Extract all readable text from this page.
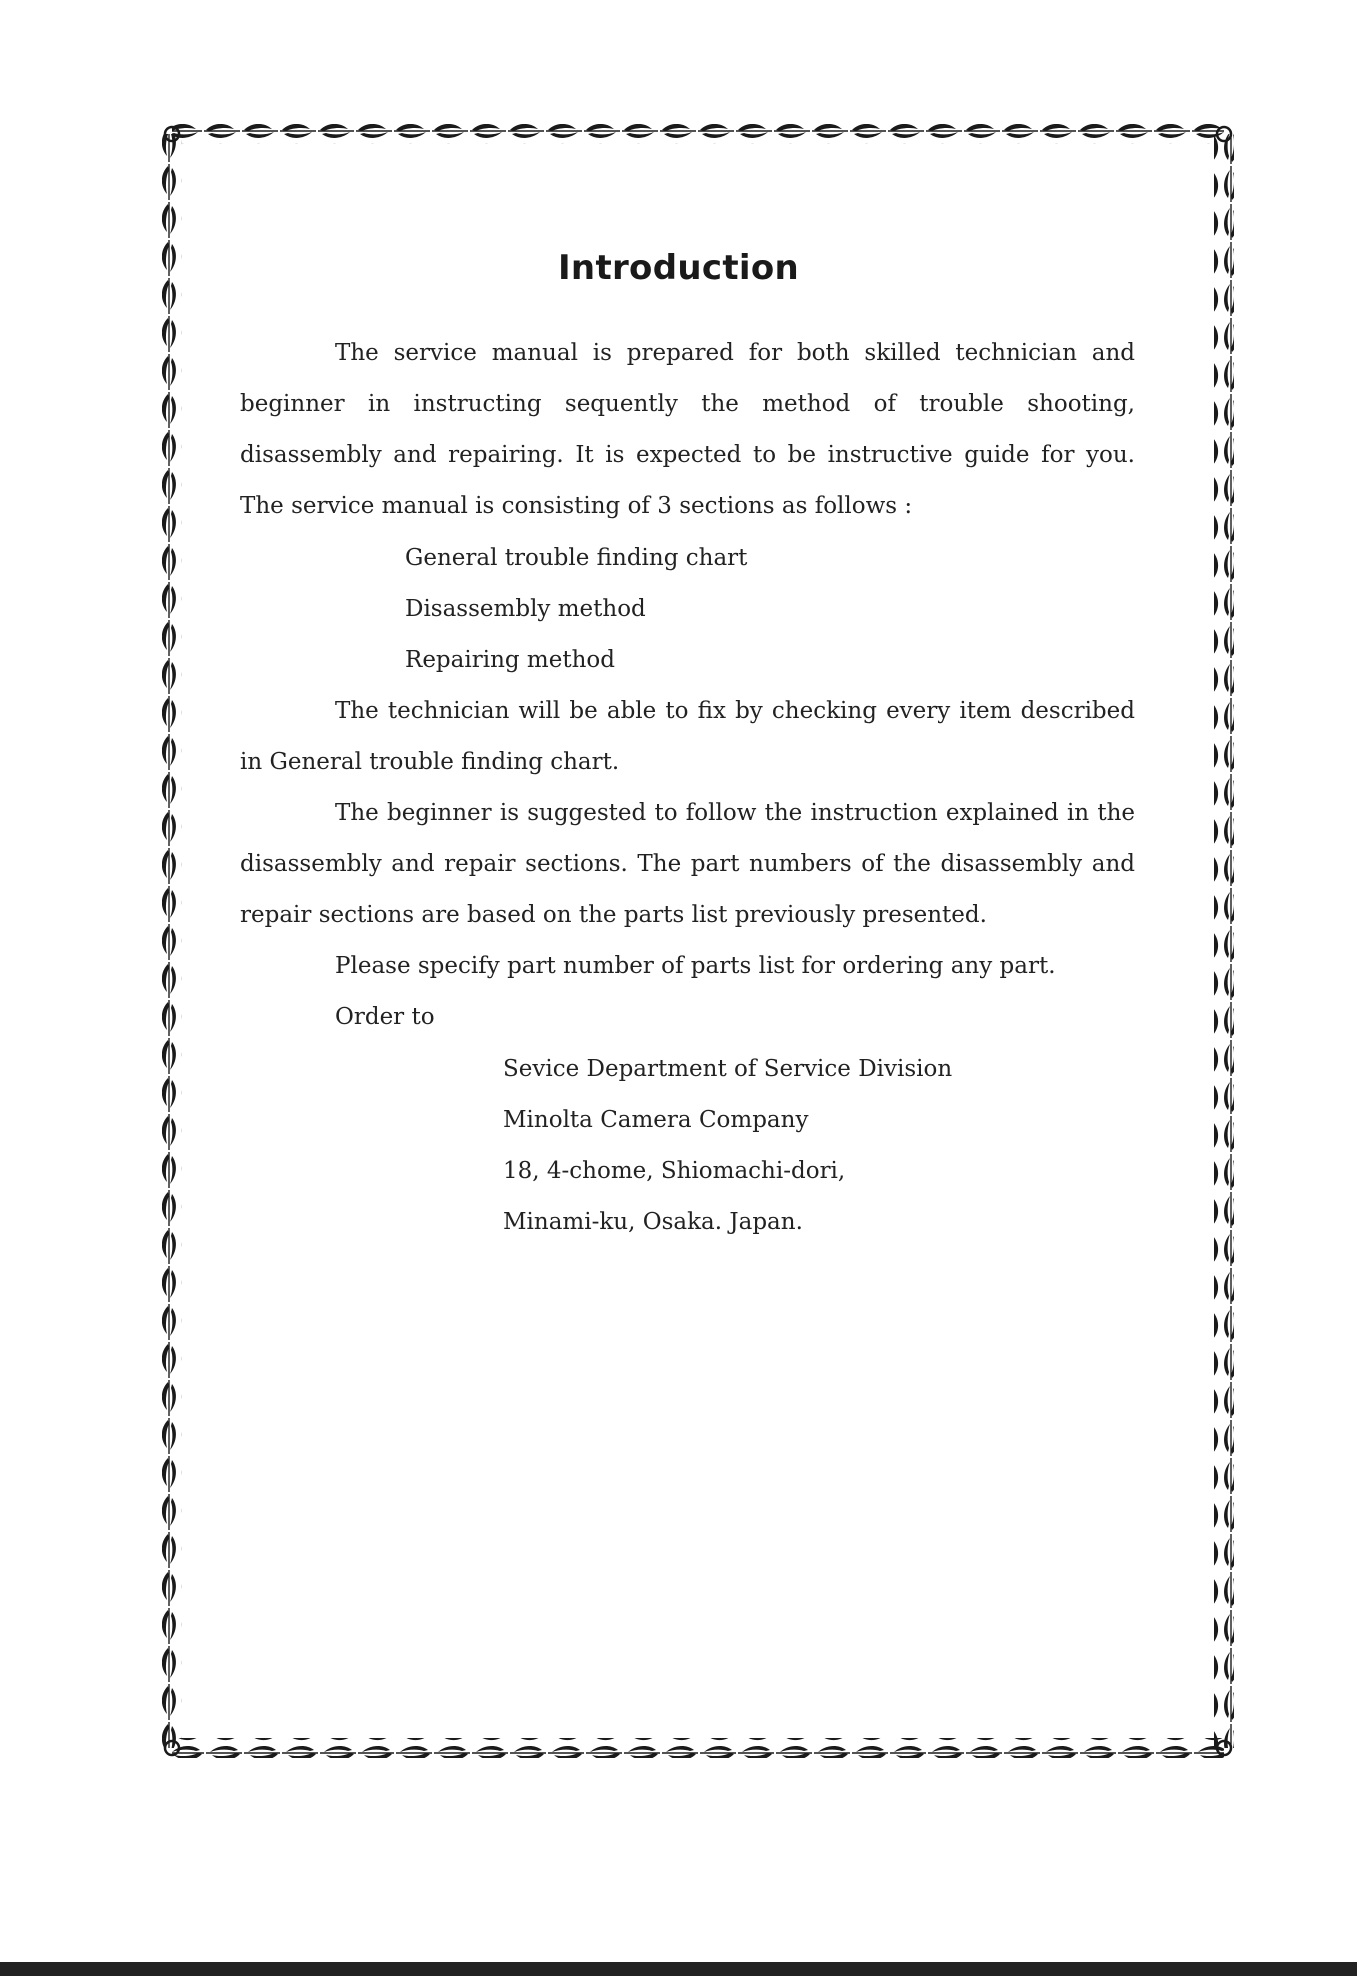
Introduction

The service manual is prepared for both skilled technician and beginner in instructing sequently the method of trouble shooting, disassembly and repairing. It is expected to be instructive guide for you. The service manual is consisting of 3 sections as follows :

General trouble finding chart
Disassembly method
Repairing method

The technician will be able to fix by checking every item described in General trouble finding chart.

The beginner is suggested to follow the instruction explained in the disassembly and repair sections. The part numbers of the disassembly and repair sections are based on the parts list previously presented.

Please specify part number of parts list for ordering any part.
Order to
Sevice Department of Service Division
Minolta Camera Company
18, 4-chome, Shiomachi-dori,
Minami-ku, Osaka. Japan.
